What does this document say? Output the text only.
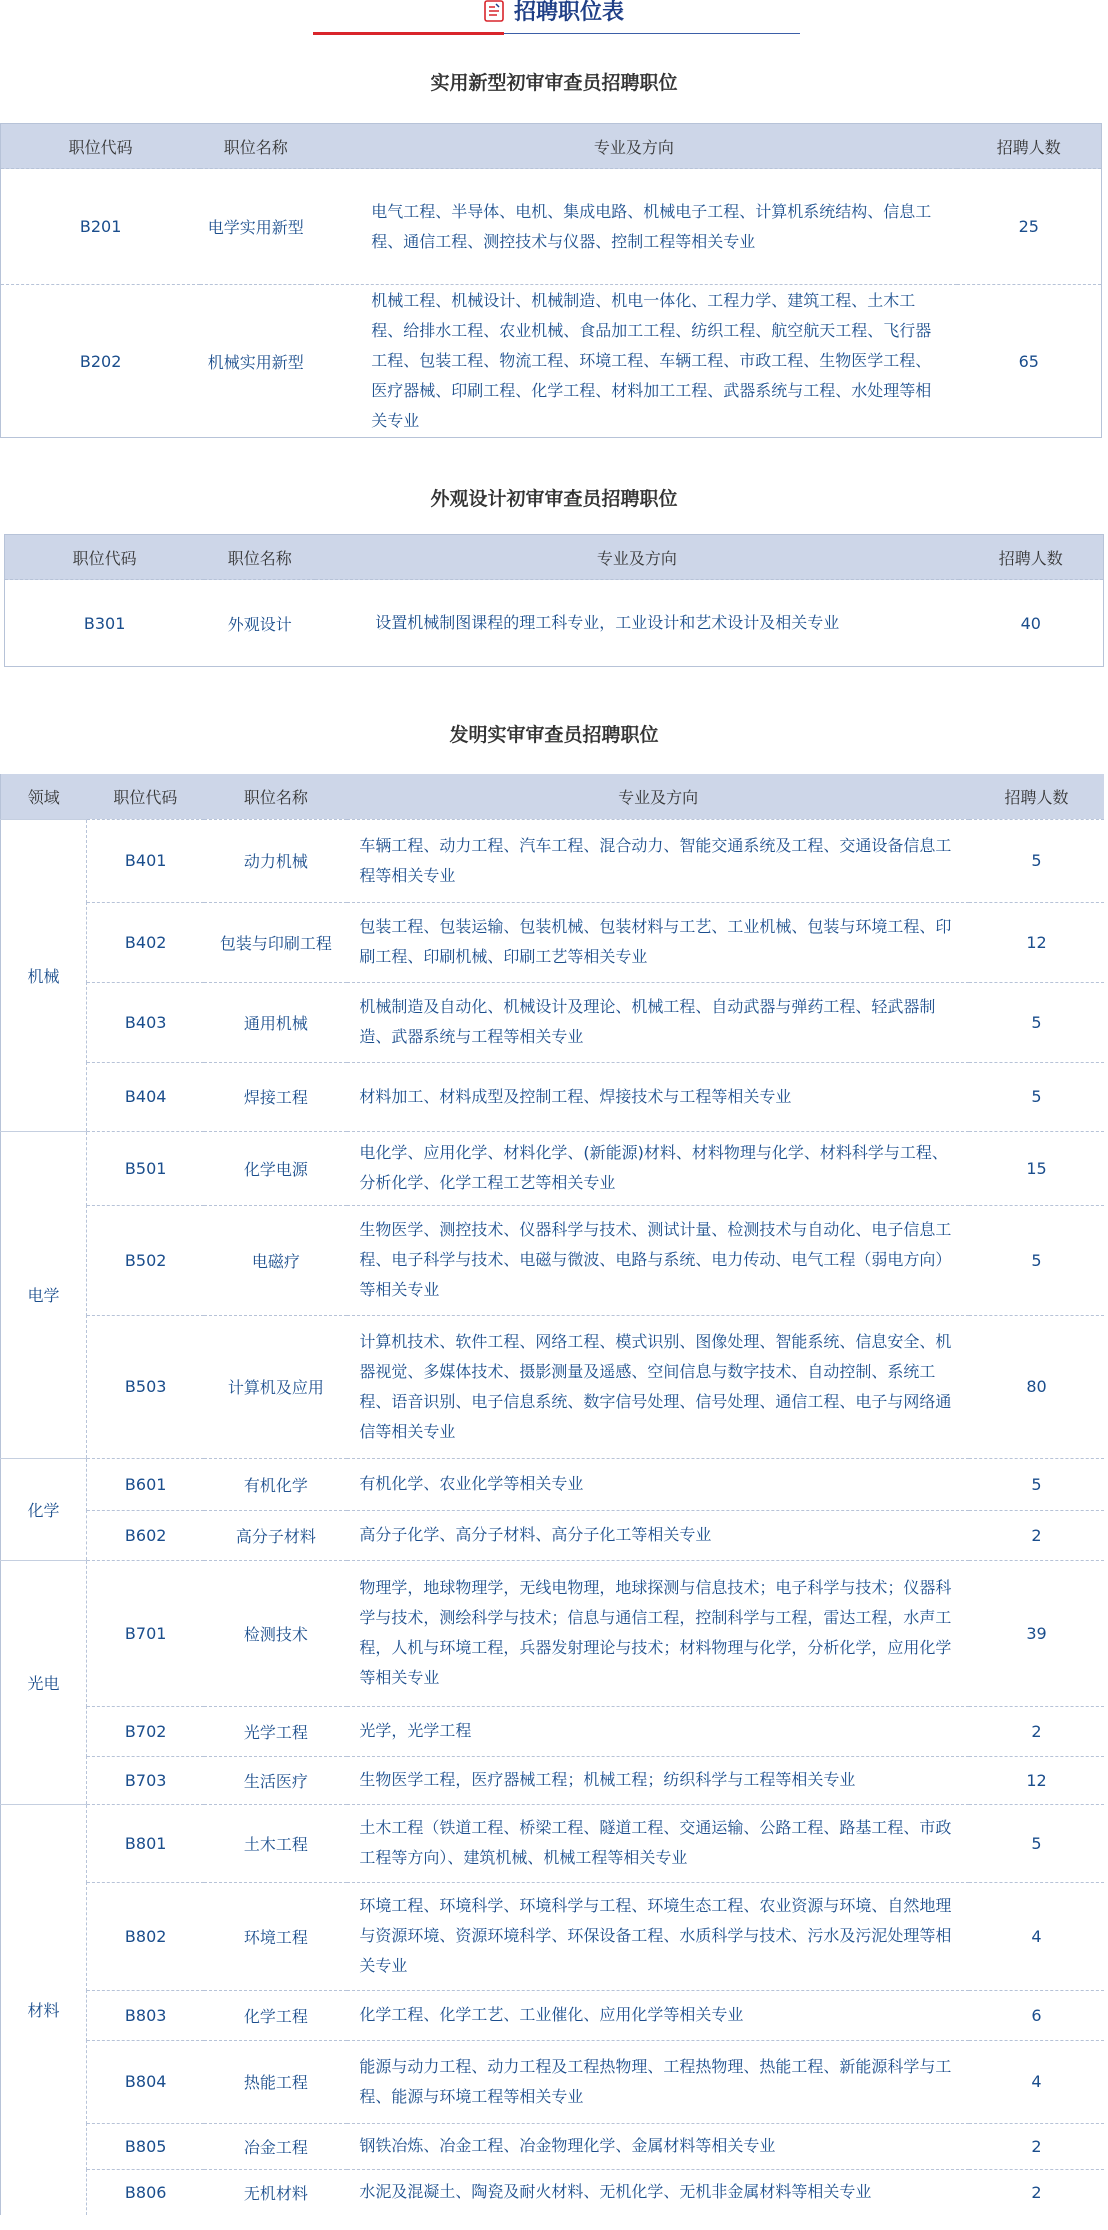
招聘职位表
实用新型初审审查员招聘职位
职位代码	职位名称	专业及方向	招聘人数
B201	电学实用新型	电气工程、半导体、电机、集成电路、机械电子工程、计算机系统结构、信息工程、通信工程、测控技术与仪器、控制工程等相关专业	25
B202	机械实用新型	机械工程、机械设计、机械制造、机电一体化、工程力学、建筑工程、土木工程、给排水工程、农业机械、食品加工工程、纺织工程、航空航天工程、飞行器工程、包装工程、物流工程、环境工程、车辆工程、市政工程、生物医学工程、医疗器械、印刷工程、化学工程、材料加工工程、武器系统与工程、水处理等相关专业	65
外观设计初审审查员招聘职位
职位代码	职位名称	专业及方向	招聘人数
B301	外观设计	设置机械制图课程的理工科专业，工业设计和艺术设计及相关专业	40
发明实审审查员招聘职位
领域	职位代码	职位名称	专业及方向	招聘人数
机械	B401	动力机械	车辆工程、动力工程、汽车工程、混合动力、智能交通系统及工程、交通设备信息工程等相关专业	5
	B402	包装与印刷工程	包装工程、包装运输、包装机械、包装材料与工艺、工业机械、包装与环境工程、印刷工程、印刷机械、印刷工艺等相关专业	12
	B403	通用机械	机械制造及自动化、机械设计及理论、机械工程、自动武器与弹药工程、轻武器制造、武器系统与工程等相关专业	5
	B404	焊接工程	材料加工、材料成型及控制工程、焊接技术与工程等相关专业	5
电学	B501	化学电源	电化学、应用化学、材料化学、(新能源)材料、材料物理与化学、材料科学与工程、分析化学、化学工程工艺等相关专业	15
	B502	电磁疗	生物医学、测控技术、仪器科学与技术、测试计量、检测技术与自动化、电子信息工程、电子科学与技术、电磁与微波、电路与系统、电力传动、电气工程（弱电方向）等相关专业	5
	B503	计算机及应用	计算机技术、软件工程、网络工程、模式识别、图像处理、智能系统、信息安全、机器视觉、多媒体技术、摄影测量及遥感、空间信息与数字技术、自动控制、系统工程、语音识别、电子信息系统、数字信号处理、信号处理、通信工程、电子与网络通信等相关专业	80
化学	B601	有机化学	有机化学、农业化学等相关专业	5
	B602	高分子材料	高分子化学、高分子材料、高分子化工等相关专业	2
光电	B701	检测技术	物理学，地球物理学，无线电物理，地球探测与信息技术；电子科学与技术；仪器科学与技术，测绘科学与技术；信息与通信工程，控制科学与工程，雷达工程，水声工程，人机与环境工程，兵器发射理论与技术；材料物理与化学，分析化学，应用化学等相关专业	39
	B702	光学工程	光学，光学工程	2
	B703	生活医疗	生物医学工程，医疗器械工程；机械工程；纺织科学与工程等相关专业	12
材料	B801	土木工程	土木工程（铁道工程、桥梁工程、隧道工程、交通运输、公路工程、路基工程、市政工程等方向）、建筑机械、机械工程等相关专业	5
	B802	环境工程	环境工程、环境科学、环境科学与工程、环境生态工程、农业资源与环境、自然地理与资源环境、资源环境科学、环保设备工程、水质科学与技术、污水及污泥处理等相关专业	4
	B803	化学工程	化学工程、化学工艺、工业催化、应用化学等相关专业	6
	B804	热能工程	能源与动力工程、动力工程及工程热物理、工程热物理、热能工程、新能源科学与工程、能源与环境工程等相关专业	4
	B805	冶金工程	钢铁冶炼、冶金工程、冶金物理化学、金属材料等相关专业	2
	B806	无机材料	水泥及混凝土、陶瓷及耐火材料、无机化学、无机非金属材料等相关专业	2
